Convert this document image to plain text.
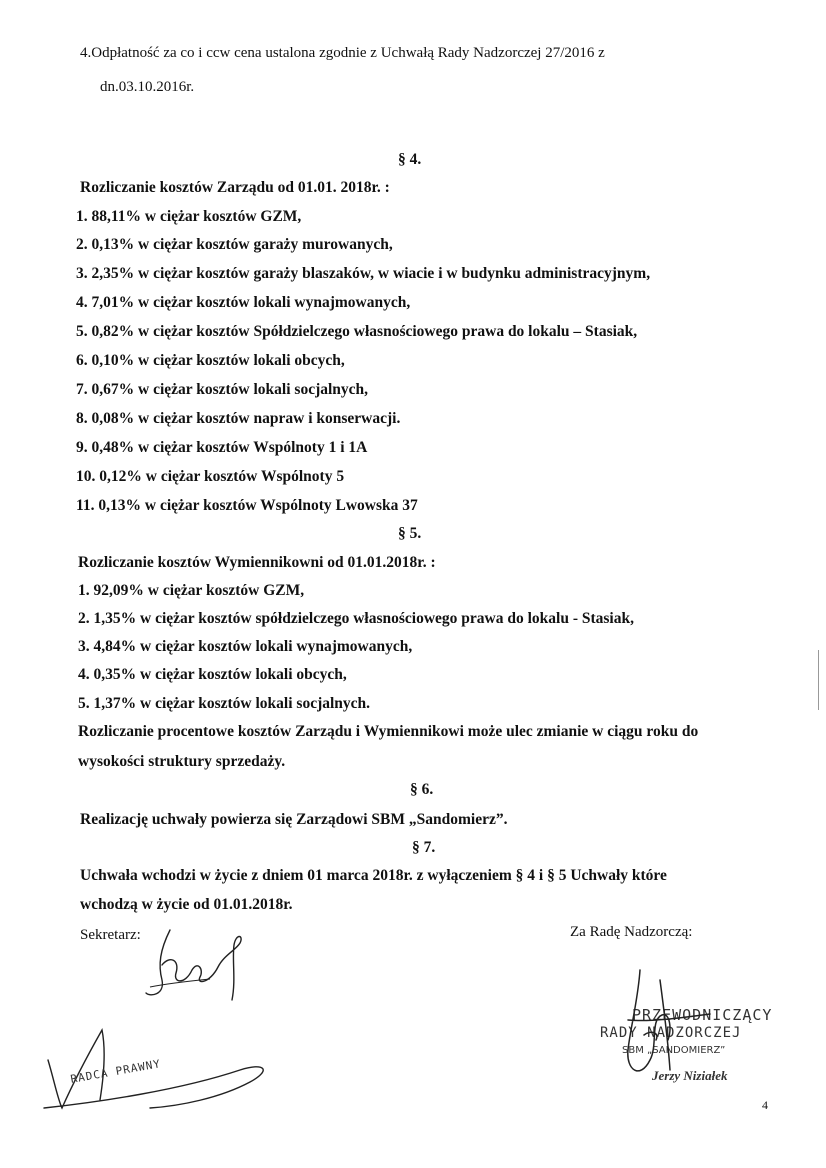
4.Odpłatność za co i ccw cena ustalona zgodnie z Uchwałą Rady Nadzorczej 27/2016 z
dn.03.10.2016r.
§ 4.
Rozliczanie kosztów Zarządu od 01.01. 2018r. :
1. 88,11% w ciężar kosztów GZM,
2. 0,13% w ciężar kosztów garaży murowanych,
3. 2,35% w ciężar kosztów garaży blaszaków, w wiacie i w budynku administracyjnym,
4. 7,01% w ciężar kosztów lokali wynajmowanych,
5. 0,82% w ciężar kosztów Spółdzielczego własnościowego prawa do lokalu – Stasiak,
6. 0,10% w ciężar kosztów lokali obcych,
7. 0,67% w ciężar kosztów lokali socjalnych,
8. 0,08% w ciężar kosztów napraw i konserwacji.
9. 0,48% w ciężar kosztów Wspólnoty 1 i 1A
10. 0,12% w ciężar kosztów Wspólnoty 5
11. 0,13% w ciężar kosztów Wspólnoty Lwowska 37
§ 5.
Rozliczanie kosztów Wymiennikowni od 01.01.2018r. :
1. 92,09% w ciężar kosztów GZM,
2. 1,35% w ciężar kosztów spółdzielczego własnościowego prawa do lokalu - Stasiak,
3. 4,84% w ciężar kosztów lokali wynajmowanych,
4. 0,35% w ciężar kosztów lokali obcych,
5. 1,37% w ciężar kosztów lokali socjalnych.
Rozliczanie procentowe kosztów Zarządu i Wymiennikowi może ulec zmianie w ciągu roku do
wysokości struktury sprzedaży.
§ 6.
Realizację uchwały powierza się Zarządowi SBM „Sandomierz”.
§ 7.
Uchwała wchodzi w życie z dniem 01 marca 2018r. z wyłączeniem § 4 i § 5 Uchwały które
wchodzą w życie od 01.01.2018r.
Sekretarz:	Za Radę Nadzorczą:
RADCA PRAWNY
PRZEWODNICZĄCY
RADY NADZORCZEJ
SBM „SANDOMIERZ”
Jerzy Niziałek
4
